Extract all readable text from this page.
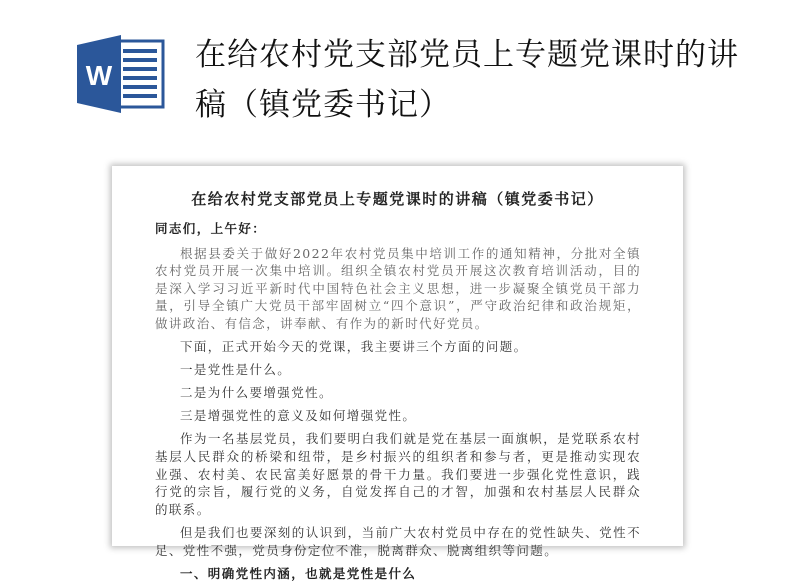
W
在给农村党支部党员上专题党课时的讲稿（镇党委书记）
在给农村党支部党员上专题党课时的讲稿（镇党委书记）

同志们，上午好：

根据县委关于做好2022年农村党员集中培训工作的通知精神，分批对全镇农村党员开展一次集中培训。组织全镇农村党员开展这次教育培训活动，目的是深入学习习近平新时代中国特色社会主义思想，进一步凝聚全镇党员干部力量，引导全镇广大党员干部牢固树立“四个意识”，严守政治纪律和政治规矩，做讲政治、有信念，讲奉献、有作为的新时代好党员。

下面，正式开始今天的党课，我主要讲三个方面的问题。

一是党性是什么。

二是为什么要增强党性。

三是增强党性的意义及如何增强党性。

作为一名基层党员，我们要明白我们就是党在基层一面旗帜，是党联系农村基层人民群众的桥梁和纽带，是乡村振兴的组织者和参与者，更是推动实现农业强、农村美、农民富美好愿景的骨干力量。我们要进一步强化党性意识，践行党的宗旨，履行党的义务，自觉发挥自己的才智，加强和农村基层人民群众的联系。

但是我们也要深刻的认识到，当前广大农村党员中存在的党性缺失、党性不足、党性不强，党员身份定位不准，脱离群众、脱离组织等问题。

一、明确党性内涵，也就是党性是什么
